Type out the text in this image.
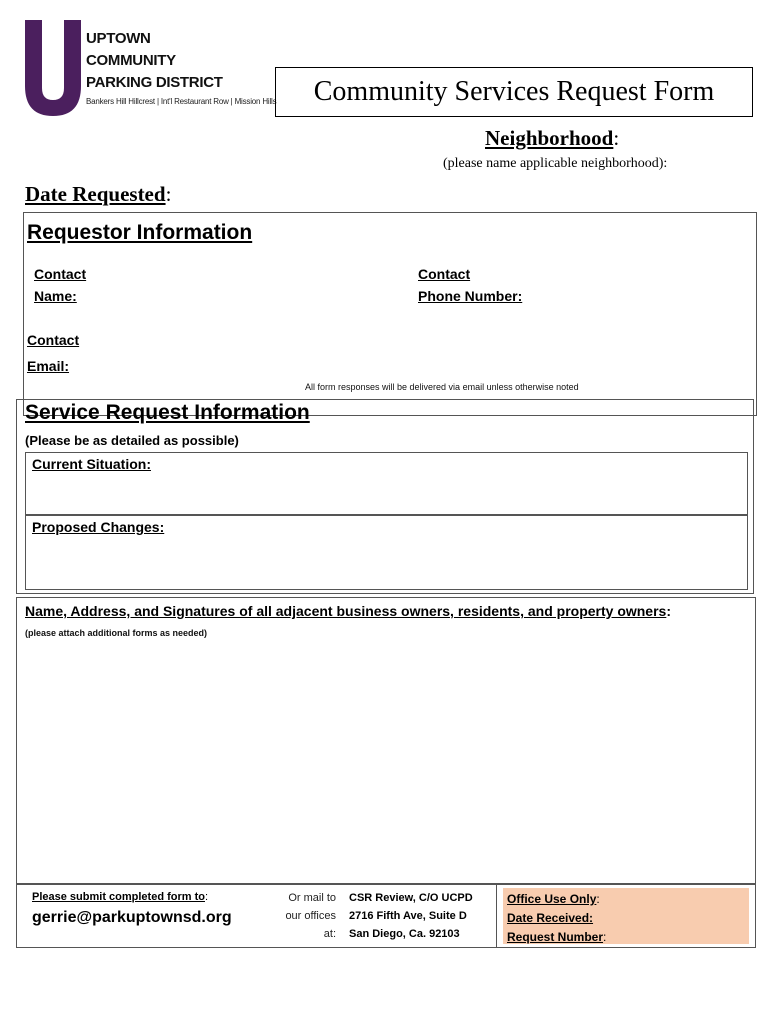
UPTOWN
COMMUNITY
PARKING DISTRICT
Bankers Hill Hillcrest | Int'l Restaurant Row | Mission Hills	Community Services Request Form
Neighborhood:
(please name applicable neighborhood):
Date Requested:
Requestor Information
Contact
Name:
Contact
Phone Number:
Contact
Email:
All form responses will be delivered via email unless otherwise noted
Service Request Information
(Please be as detailed as possible)
Current Situation:
Proposed Changes:
Name, Address, and Signatures of all adjacent business owners, residents, and property owners:
(please attach additional forms as needed)
Please submit completed form to:
gerrie@parkuptownsd.org
Or mail to
our offices
at:
CSR Review, C/O UCPD
2716 Fifth Ave, Suite D
San Diego, Ca. 92103
Office Use Only:
Date Received:
Request Number:
